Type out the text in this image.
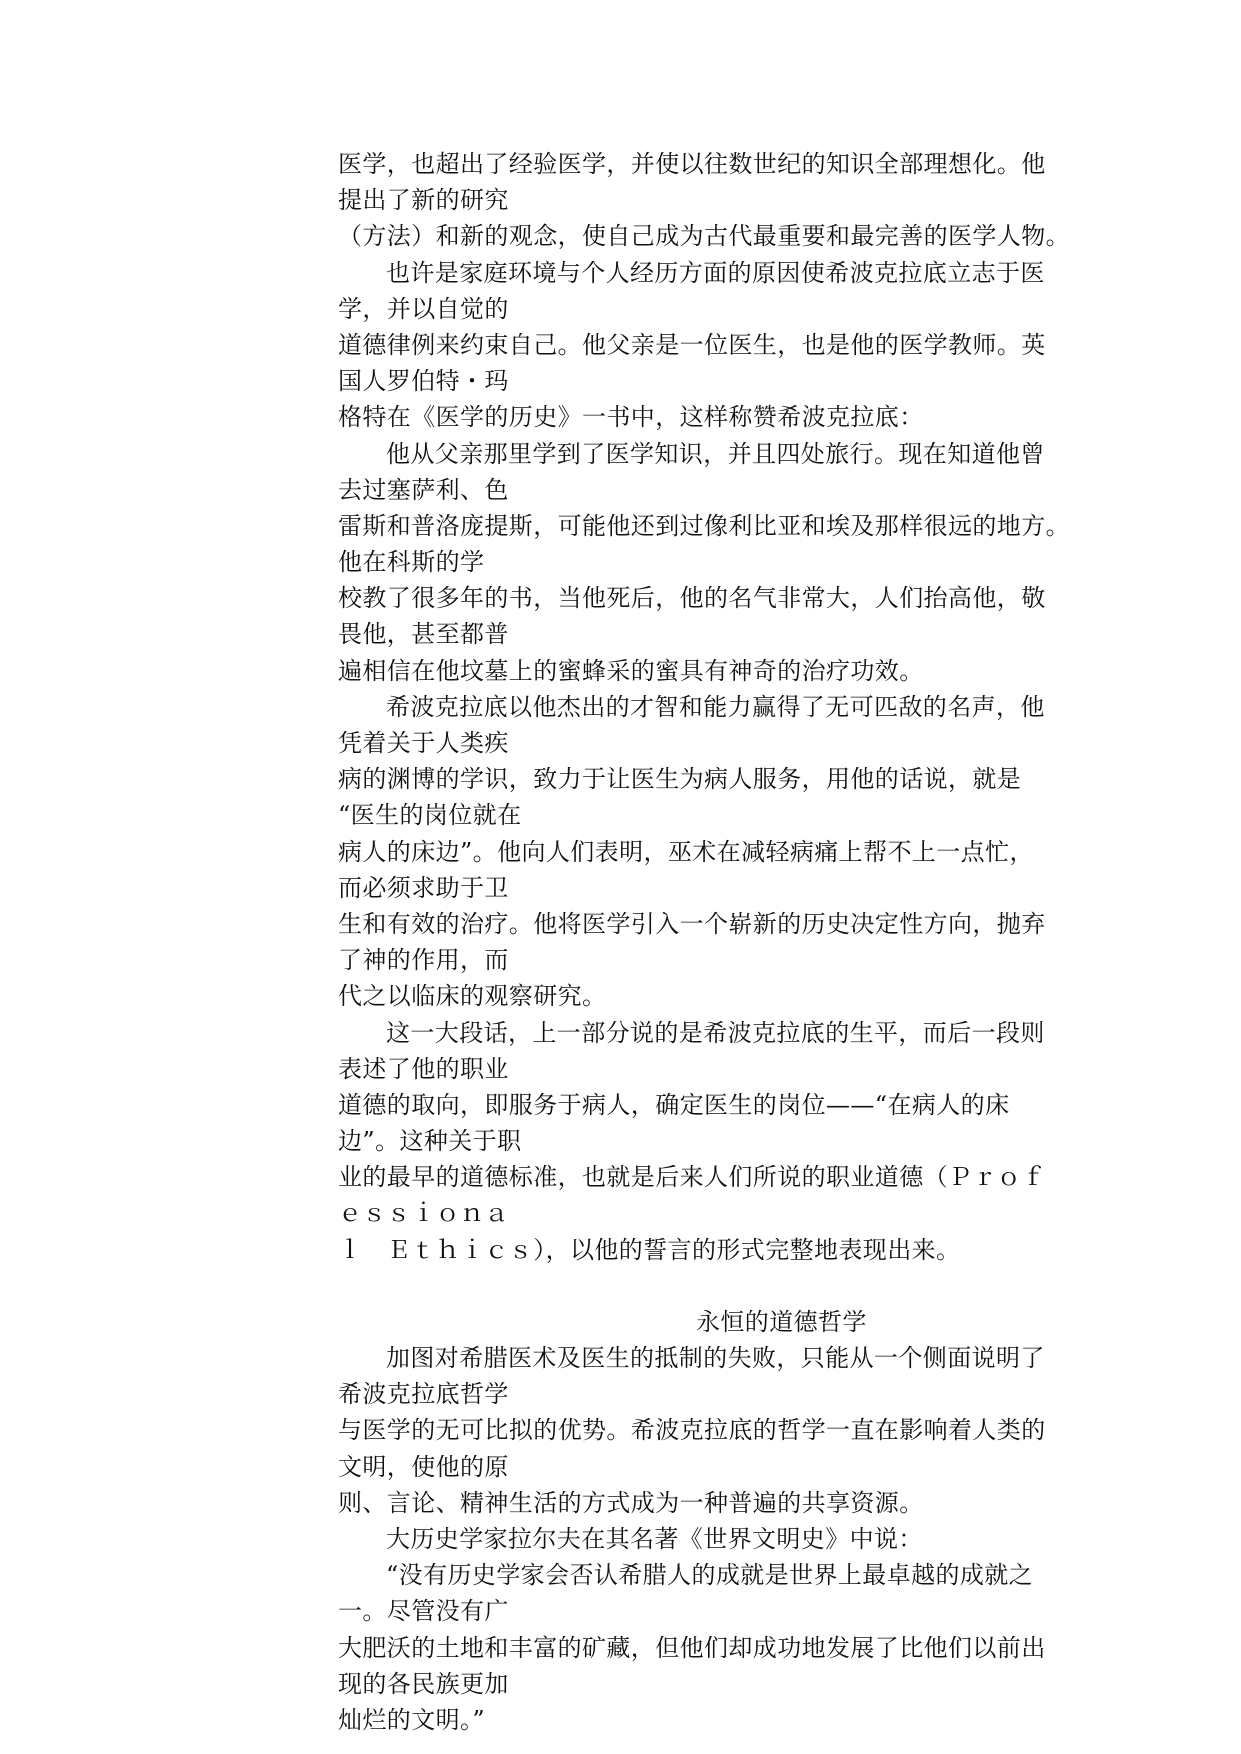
医学，也超出了经验医学，并使以往数世纪的知识全部理想化。他
提出了新的研究
（方法）和新的观念，使自己成为古代最重要和最完善的医学人物。
也许是家庭环境与个人经历方面的原因使希波克拉底立志于医
学，并以自觉的
道德律例来约束自己。他父亲是一位医生，也是他的医学教师。英
国人罗伯特・玛
格特在《医学的历史》一书中，这样称赞希波克拉底：
他从父亲那里学到了医学知识，并且四处旅行。现在知道他曾
去过塞萨利、色
雷斯和普洛庞提斯，可能他还到过像利比亚和埃及那样很远的地方。
他在科斯的学
校教了很多年的书，当他死后，他的名气非常大，人们抬高他，敬
畏他，甚至都普
遍相信在他坟墓上的蜜蜂采的蜜具有神奇的治疗功效。
希波克拉底以他杰出的才智和能力赢得了无可匹敌的名声，他
凭着关于人类疾
病的渊博的学识，致力于让医生为病人服务，用他的话说，就是
“医生的岗位就在
病人的床边”。他向人们表明，巫术在减轻病痛上帮不上一点忙，
而必须求助于卫
生和有效的治疗。他将医学引入一个崭新的历史决定性方向，抛弃
了神的作用，而
代之以临床的观察研究。
这一大段话，上一部分说的是希波克拉底的生平，而后一段则
表述了他的职业
道德的取向，即服务于病人，确定医生的岗位——“在病人的床
边”。这种关于职
业的最早的道德标准，也就是后来人们所说的职业道德（Ｐｒｏｆ
ｅｓｓｉｏｎａ
ｌ　Ｅｔｈｉｃｓ），以他的誓言的形式完整地表现出来。
永恒的道德哲学
加图对希腊医术及医生的抵制的失败，只能从一个侧面说明了
希波克拉底哲学
与医学的无可比拟的优势。希波克拉底的哲学一直在影响着人类的
文明，使他的原
则、言论、精神生活的方式成为一种普遍的共享资源。
大历史学家拉尔夫在其名著《世界文明史》中说：
“没有历史学家会否认希腊人的成就是世界上最卓越的成就之
一。尽管没有广
大肥沃的土地和丰富的矿藏，但他们却成功地发展了比他们以前出
现的各民族更加
灿烂的文明。”
